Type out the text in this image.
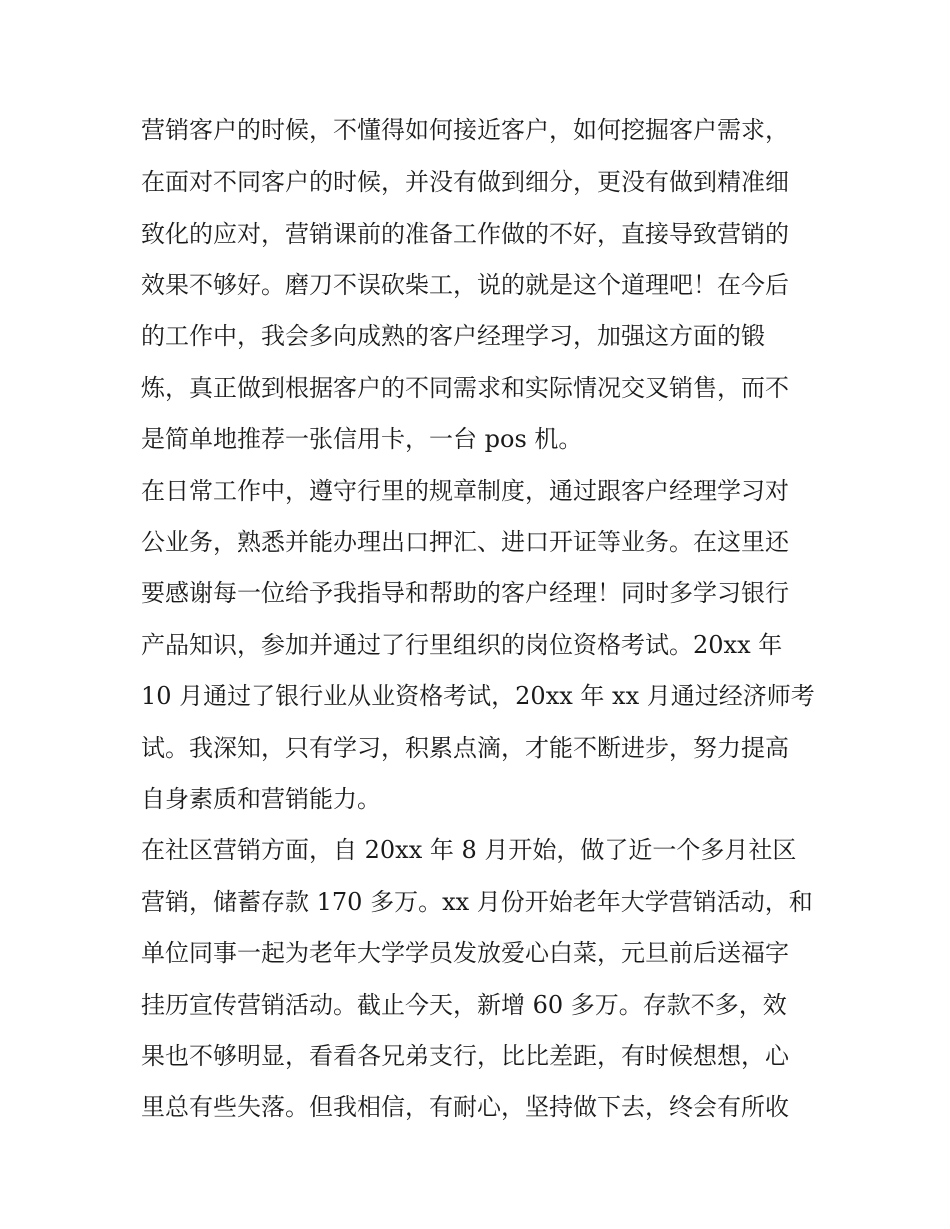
营销客户的时候，不懂得如何接近客户，如何挖掘客户需求，
在面对不同客户的时候，并没有做到细分，更没有做到精准细
致化的应对，营销课前的准备工作做的不好，直接导致营销的
效果不够好。磨刀不误砍柴工，说的就是这个道理吧！在今后
的工作中，我会多向成熟的客户经理学习，加强这方面的锻
炼，真正做到根据客户的不同需求和实际情况交叉销售，而不
是简单地推荐一张信用卡，一台 pos 机。
在日常工作中，遵守行里的规章制度，通过跟客户经理学习对
公业务，熟悉并能办理出口押汇、进口开证等业务。在这里还
要感谢每一位给予我指导和帮助的客户经理！同时多学习银行
产品知识，参加并通过了行里组织的岗位资格考试。20xx 年
10 月通过了银行业从业资格考试，20xx 年 xx 月通过经济师考
试。我深知，只有学习，积累点滴，才能不断进步，努力提高
自身素质和营销能力。
在社区营销方面，自 20xx 年 8 月开始，做了近一个多月社区
营销，储蓄存款 170 多万。xx 月份开始老年大学营销活动，和
单位同事一起为老年大学学员发放爱心白菜，元旦前后送福字
挂历宣传营销活动。截止今天，新增 60 多万。存款不多，效
果也不够明显，看看各兄弟支行，比比差距，有时候想想，心
里总有些失落。但我相信，有耐心，坚持做下去，终会有所收
